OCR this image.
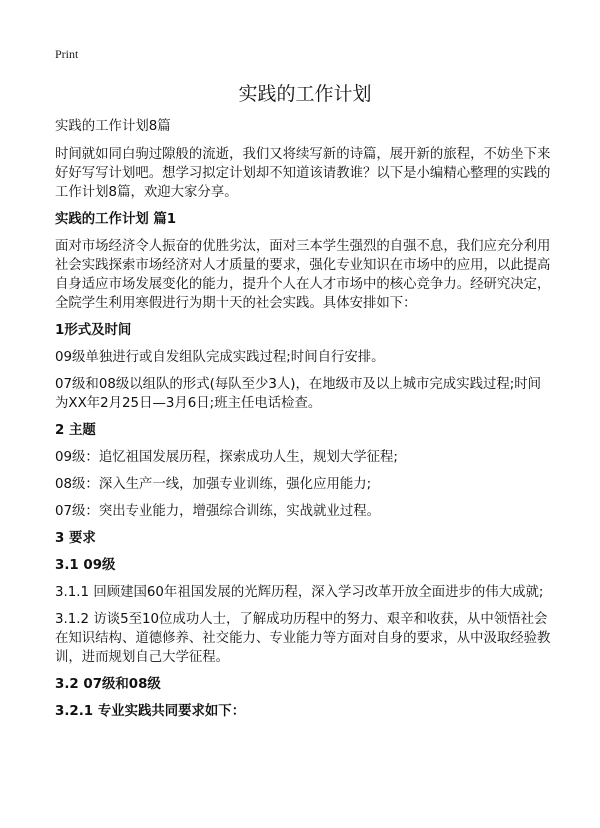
Print
实践的工作计划

实践的工作计划8篇

时间就如同白驹过隙般的流逝，我们又将续写新的诗篇，展开新的旅程，不妨坐下来好好写写计划吧。想学习拟定计划却不知道该请教谁？以下是小编精心整理的实践的工作计划8篇，欢迎大家分享。

实践的工作计划 篇1

面对市场经济令人振奋的优胜劣汰，面对三本学生强烈的自强不息，我们应充分利用社会实践探索市场经济对人才质量的要求，强化专业知识在市场中的应用，以此提高自身适应市场发展变化的能力，提升个人在人才市场中的核心竞争力。经研究决定，全院学生利用寒假进行为期十天的社会实践。具体安排如下：

1形式及时间

09级单独进行或自发组队完成实践过程;时间自行安排。

07级和08级以组队的形式(每队至少3人)，在地级市及以上城市完成实践过程;时间为XX年2月25日—3月6日;班主任电话检查。

2 主题

09级：追忆祖国发展历程，探索成功人生，规划大学征程;

08级：深入生产一线，加强专业训练，强化应用能力;

07级：突出专业能力，增强综合训练，实战就业过程。

3 要求
3.1 09级

3.1.1 回顾建国60年祖国发展的光辉历程，深入学习改革开放全面进步的伟大成就;

3.1.2 访谈5至10位成功人士，了解成功历程中的努力、艰辛和收获，从中领悟社会在知识结构、道德修养、社交能力、专业能力等方面对自身的要求，从中汲取经验教训，进而规划自己大学征程。

3.2 07级和08级
3.2.1 专业实践共同要求如下：
